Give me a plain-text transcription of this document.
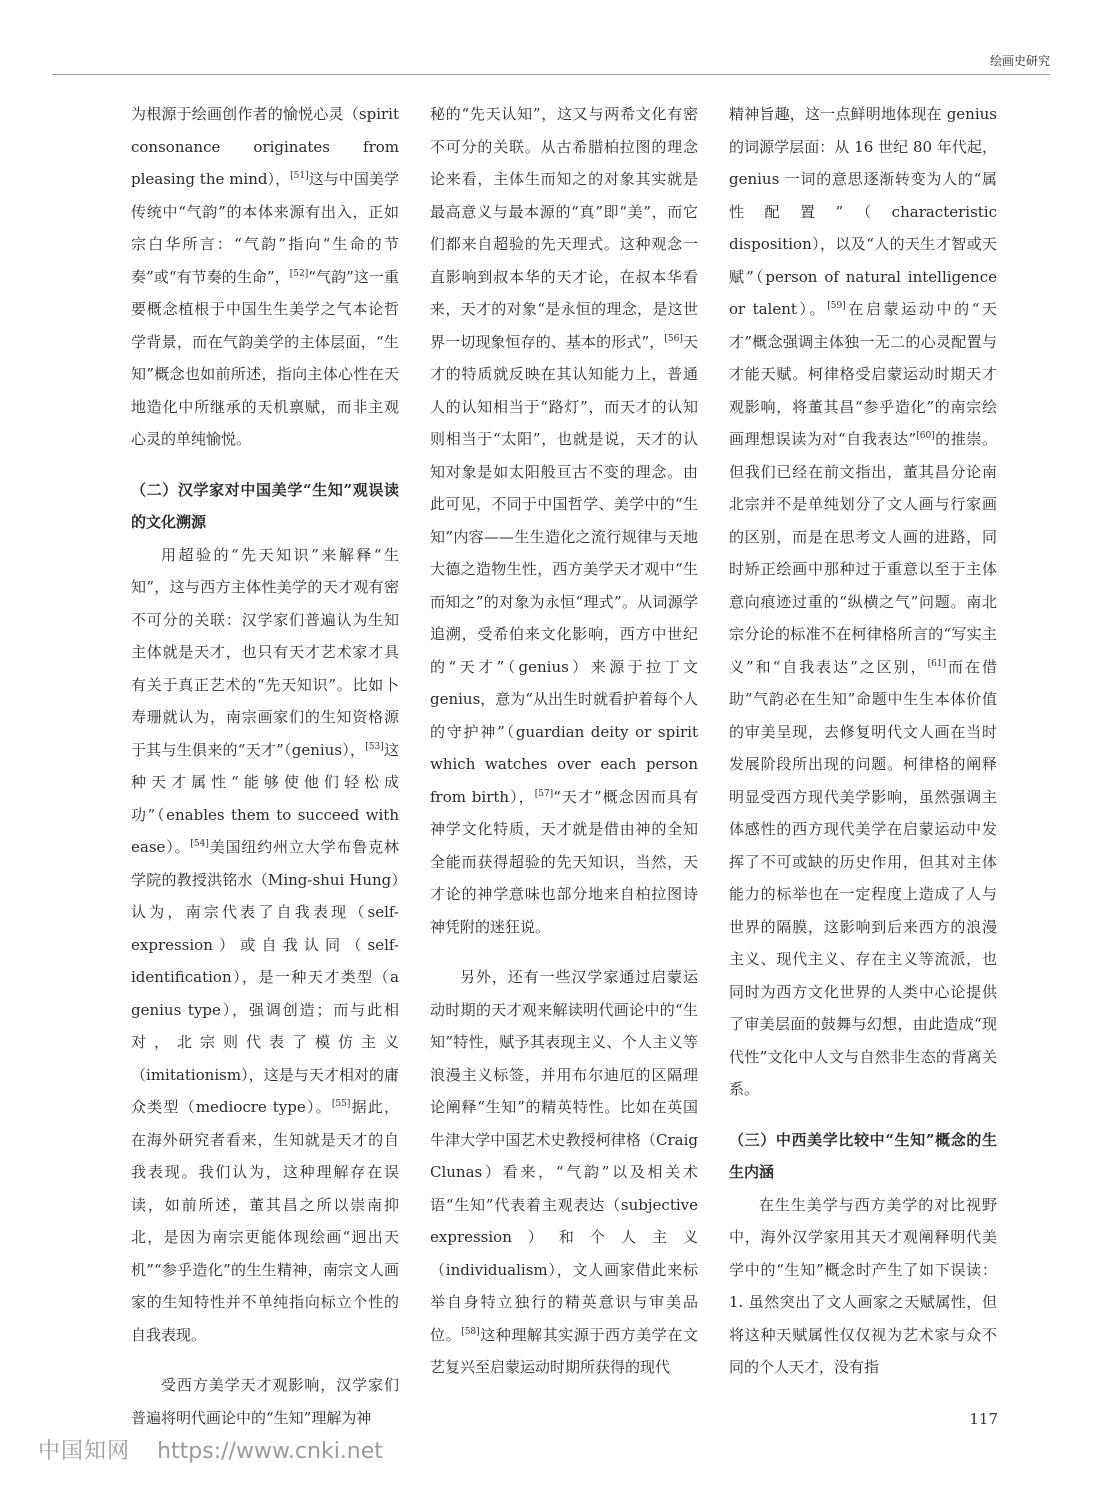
绘画史研究

为根源于绘画创作者的愉悦心灵（spirit consonance originates from pleasing the mind），[51]这与中国美学传统中“气韵”的本体来源有出入，正如宗白华所言：“气韵”指向“生命的节奏”或“有节奏的生命”，[52]“气韵”这一重要概念植根于中国生生美学之气本论哲学背景，而在气韵美学的主体层面，“生知”概念也如前所述，指向主体心性在天地造化中所继承的天机禀赋，而非主观心灵的单纯愉悦。

（二）汉学家对中国美学“生知”观误读的文化溯源

用超验的“先天知识”来解释“生知”，这与西方主体性美学的天才观有密不可分的关联：汉学家们普遍认为生知主体就是天才，也只有天才艺术家才具有关于真正艺术的“先天知识”。比如卜寿珊就认为，南宗画家们的生知资格源于其与生俱来的“天才”（genius），[53]这种天才属性“能够使他们轻松成功”（enables them to succeed with ease）。[54]美国纽约州立大学布鲁克林学院的教授洪铭水（Ming-shui Hung）认为，南宗代表了自我表现（self-expression）或自我认同（self-identification），是一种天才类型（a genius type），强调创造；而与此相对，北宗则代表了模仿主义（imitationism），这是与天才相对的庸众类型（mediocre type）。[55]据此，在海外研究者看来，生知就是天才的自我表现。我们认为，这种理解存在误读，如前所述，董其昌之所以崇南抑北，是因为南宗更能体现绘画“迥出天机”“参乎造化”的生生精神，南宗文人画家的生知特性并不单纯指向标立个性的自我表现。

受西方美学天才观影响，汉学家们普遍将明代画论中的“生知”理解为神

秘的“先天认知”，这又与两希文化有密不可分的关联。从古希腊柏拉图的理念论来看，主体生而知之的对象其实就是最高意义与最本源的“真”即“美”，而它们都来自超验的先天理式。这种观念一直影响到叔本华的天才论，在叔本华看来，天才的对象“是永恒的理念，是这世界一切现象恒存的、基本的形式”，[56]天才的特质就反映在其认知能力上，普通人的认知相当于“路灯”，而天才的认知则相当于“太阳”，也就是说，天才的认知对象是如太阳般亘古不变的理念。由此可见，不同于中国哲学、美学中的“生知”内容——生生造化之流行规律与天地大德之造物生性，西方美学天才观中“生而知之”的对象为永恒“理式”。从词源学追溯，受希伯来文化影响，西方中世纪的“天才”（genius）来源于拉丁文 genius，意为“从出生时就看护着每个人的守护神”（guardian deity or spirit which watches over each person from birth），[57]“天才”概念因而具有神学文化特质，天才就是借由神的全知全能而获得超验的先天知识，当然，天才论的神学意味也部分地来自柏拉图诗神凭附的迷狂说。

另外，还有一些汉学家通过启蒙运动时期的天才观来解读明代画论中的“生知”特性，赋予其表现主义、个人主义等浪漫主义标签，并用布尔迪厄的区隔理论阐释“生知”的精英特性。比如在英国牛津大学中国艺术史教授柯律格（Craig Clunas）看来，“气韵”以及相关术语“生知”代表着主观表达（subjective expression）和个人主义（individualism），文人画家借此来标举自身特立独行的精英意识与审美品位。[58]这种理解其实源于西方美学在文艺复兴至启蒙运动时期所获得的现代

精神旨趣，这一点鲜明地体现在 genius 的词源学层面：从 16 世纪 80 年代起，genius 一词的意思逐渐转变为人的“属性配置”（characteristic disposition），以及“人的天生才智或天赋”（person of natural intelligence or talent）。[59]在启蒙运动中的“天才”概念强调主体独一无二的心灵配置与才能天赋。柯律格受启蒙运动时期天才观影响，将董其昌“参乎造化”的南宗绘画理想误读为对“自我表达”[60]的推崇。但我们已经在前文指出，董其昌分论南北宗并不是单纯划分了文人画与行家画的区别，而是在思考文人画的进路，同时矫正绘画中那种过于重意以至于主体意向痕迹过重的“纵横之气”问题。南北宗分论的标准不在柯律格所言的“写实主义”和“自我表达”之区别，[61]而在借助“气韵必在生知”命题中生生本体价值的审美呈现，去修复明代文人画在当时发展阶段所出现的问题。柯律格的阐释明显受西方现代美学影响，虽然强调主体感性的西方现代美学在启蒙运动中发挥了不可或缺的历史作用，但其对主体能力的标举也在一定程度上造成了人与世界的隔膜，这影响到后来西方的浪漫主义、现代主义、存在主义等流派，也同时为西方文化世界的人类中心论提供了审美层面的鼓舞与幻想，由此造成“现代性”文化中人文与自然非生态的背离关系。

（三）中西美学比较中“生知”概念的生生内涵

在生生美学与西方美学的对比视野中，海外汉学家用其天才观阐释明代美学中的“生知”概念时产生了如下误读：1. 虽然突出了文人画家之天赋属性，但将这种天赋属性仅仅视为艺术家与众不同的个人天才，没有指

117
中国知网 https://www.cnki.net
